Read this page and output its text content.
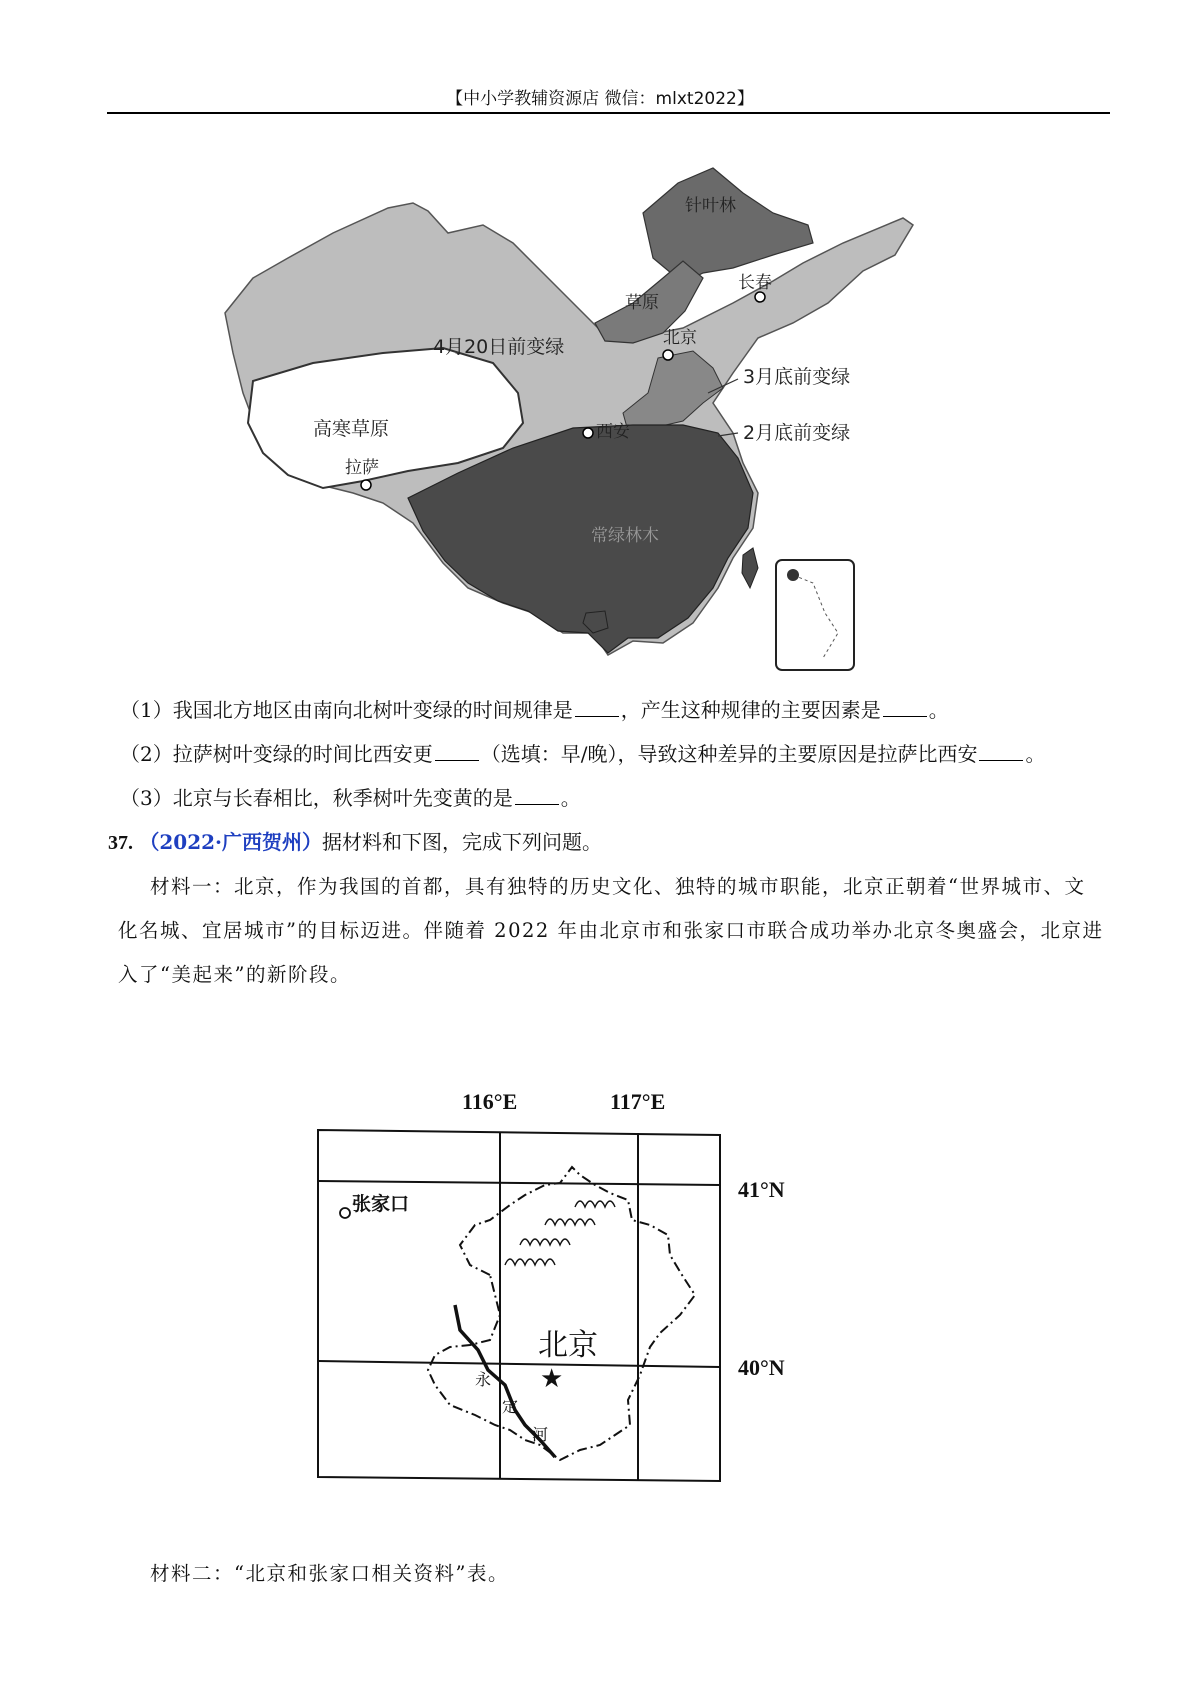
【中小学教辅资源店 微信：mlxt2022】
针叶林
长春
草原
北京
4月20日前变绿
3月底前变绿
高寒草原	西安	2月底前变绿
拉萨
常绿林木
（1）我国北方地区由南向北树叶变绿的时间规律是 ，产生这种规律的主要因素是 。
（2）拉萨树叶变绿的时间比西安更 （选填：早/晚），导致这种差异的主要原因是拉萨比西安 。
（3）北京与长春相比，秋季树叶先变黄的是 。
37. （2022·广西贺州）据材料和下图，完成下列问题。
材料一：北京，作为我国的首都，具有独特的历史文化、独特的城市职能，北京正朝着“世界城市、文
化名城、宜居城市”的目标迈进。伴随着 2022 年由北京市和张家口市联合成功举办北京冬奥盛会，北京进
入了“美起来”的新阶段。
116°E	117°E
41°N
40°N
张家口
北京
永
定
河
★
材料二：“北京和张家口相关资料”表。
